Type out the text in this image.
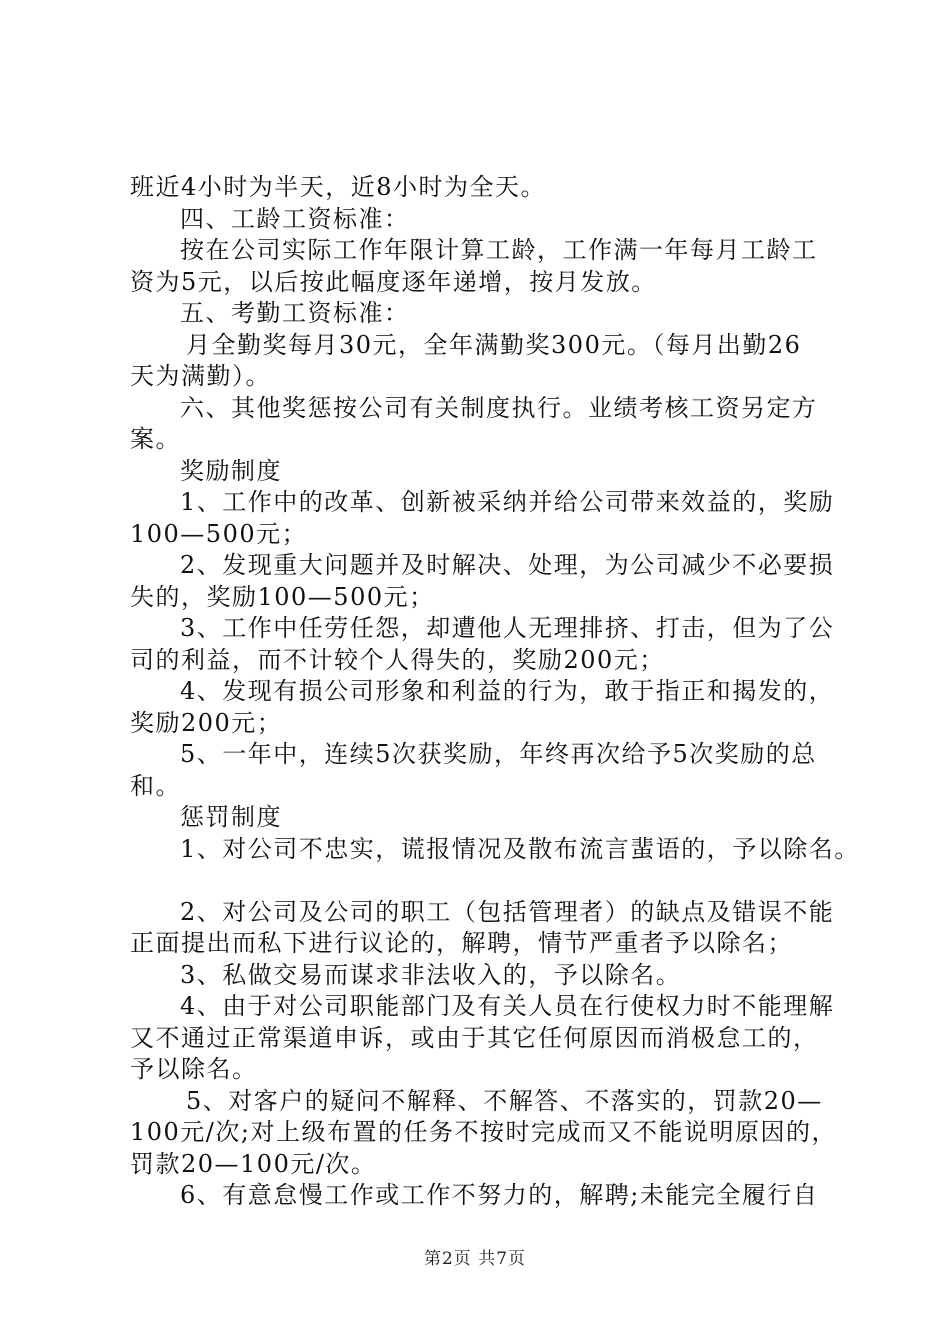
班近4小时为半天，近8小时为全天。
四、工龄工资标准：
按在公司实际工作年限计算工龄，工作满一年每月工龄工
资为5元，以后按此幅度逐年递增，按月发放。
五、考勤工资标准：
月全勤奖每月30元，全年满勤奖300元。（每月出勤26
天为满勤）。
六、其他奖惩按公司有关制度执行。业绩考核工资另定方
案。
奖励制度
1、工作中的改革、创新被采纳并给公司带来效益的，奖励
100—500元；
2、发现重大问题并及时解决、处理，为公司减少不必要损
失的，奖励100—500元；
3、工作中任劳任怨，却遭他人无理排挤、打击，但为了公
司的利益，而不计较个人得失的，奖励200元；
4、发现有损公司形象和利益的行为，敢于指正和揭发的，
奖励200元；
5、一年中，连续5次获奖励，年终再次给予5次奖励的总
和。
惩罚制度
1、对公司不忠实，谎报情况及散布流言蜚语的，予以除名。
2、对公司及公司的职工（包括管理者）的缺点及错误不能
正面提出而私下进行议论的，解聘，情节严重者予以除名；
3、私做交易而谋求非法收入的，予以除名。
4、由于对公司职能部门及有关人员在行使权力时不能理解
又不通过正常渠道申诉，或由于其它任何原因而消极怠工的，
予以除名。
5、对客户的疑问不解释、不解答、不落实的，罚款20—
100元/次;对上级布置的任务不按时完成而又不能说明原因的，
罚款20—100元/次。
6、有意怠慢工作或工作不努力的，解聘;未能完全履行自
第2页 共7页
